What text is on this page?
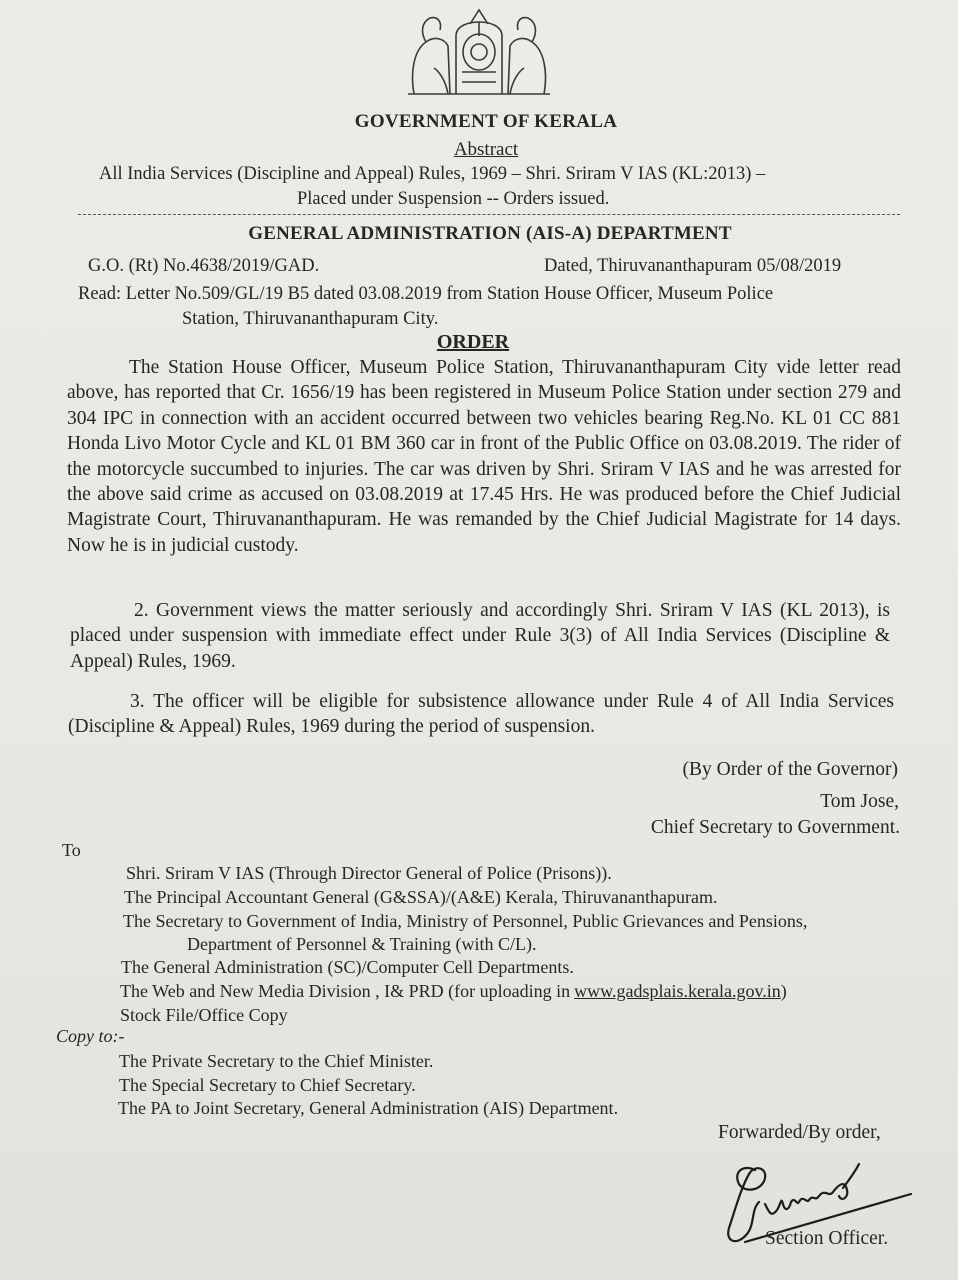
GOVERNMENT OF KERALA
Abstract
All India Services (Discipline and Appeal) Rules, 1969 – Shri. Sriram V IAS (KL:2013) –
Placed under Suspension -- Orders issued.
GENERAL ADMINISTRATION (AIS-A) DEPARTMENT
G.O. (Rt) No.4638/2019/GAD.	Dated, Thiruvananthapuram 05/08/2019
Read: Letter No.509/GL/19 B5 dated 03.08.2019 from Station House Officer, Museum Police
Station, Thiruvananthapuram City.
ORDER

The Station House Officer, Museum Police Station, Thiruvananthapuram City vide letter read above, has reported that Cr. 1656/19 has been registered in Museum Police Station under section 279 and 304 IPC in connection with an accident occurred between two vehicles bearing Reg.No. KL 01 CC 881 Honda Livo Motor Cycle and KL 01 BM 360 car in front of the Public Office on 03.08.2019. The rider of the motorcycle succumbed to injuries. The car was driven by Shri. Sriram V IAS and he was arrested for the above said crime as accused on 03.08.2019 at 17.45 Hrs. He was produced before the Chief Judicial Magistrate Court, Thiruvananthapuram. He was remanded by the Chief Judicial Magistrate for 14 days. Now he is in judicial custody.

2. Government views the matter seriously and accordingly Shri. Sriram V IAS (KL 2013), is placed under suspension with immediate effect under Rule 3(3) of All India Services (Discipline & Appeal) Rules, 1969.

3. The officer will be eligible for subsistence allowance under Rule 4 of All India Services (Discipline & Appeal) Rules, 1969 during the period of suspension.

(By Order of the Governor)
Tom Jose,
Chief Secretary to Government.
To
Shri. Sriram V IAS (Through Director General of Police (Prisons)).
The Principal Accountant General (G&SSA)/(A&E) Kerala, Thiruvananthapuram.
The Secretary to Government of India, Ministry of Personnel, Public Grievances and Pensions,
Department of Personnel & Training (with C/L).
The General Administration (SC)/Computer Cell Departments.
The Web and New Media Division , I& PRD (for uploading in www.gadsplais.kerala.gov.in)
Stock File/Office Copy
Copy to:-
The Private Secretary to the Chief Minister.
The Special Secretary to Chief Secretary.
The PA to Joint Secretary, General Administration (AIS) Department.
Forwarded/By order,
Section Officer.
